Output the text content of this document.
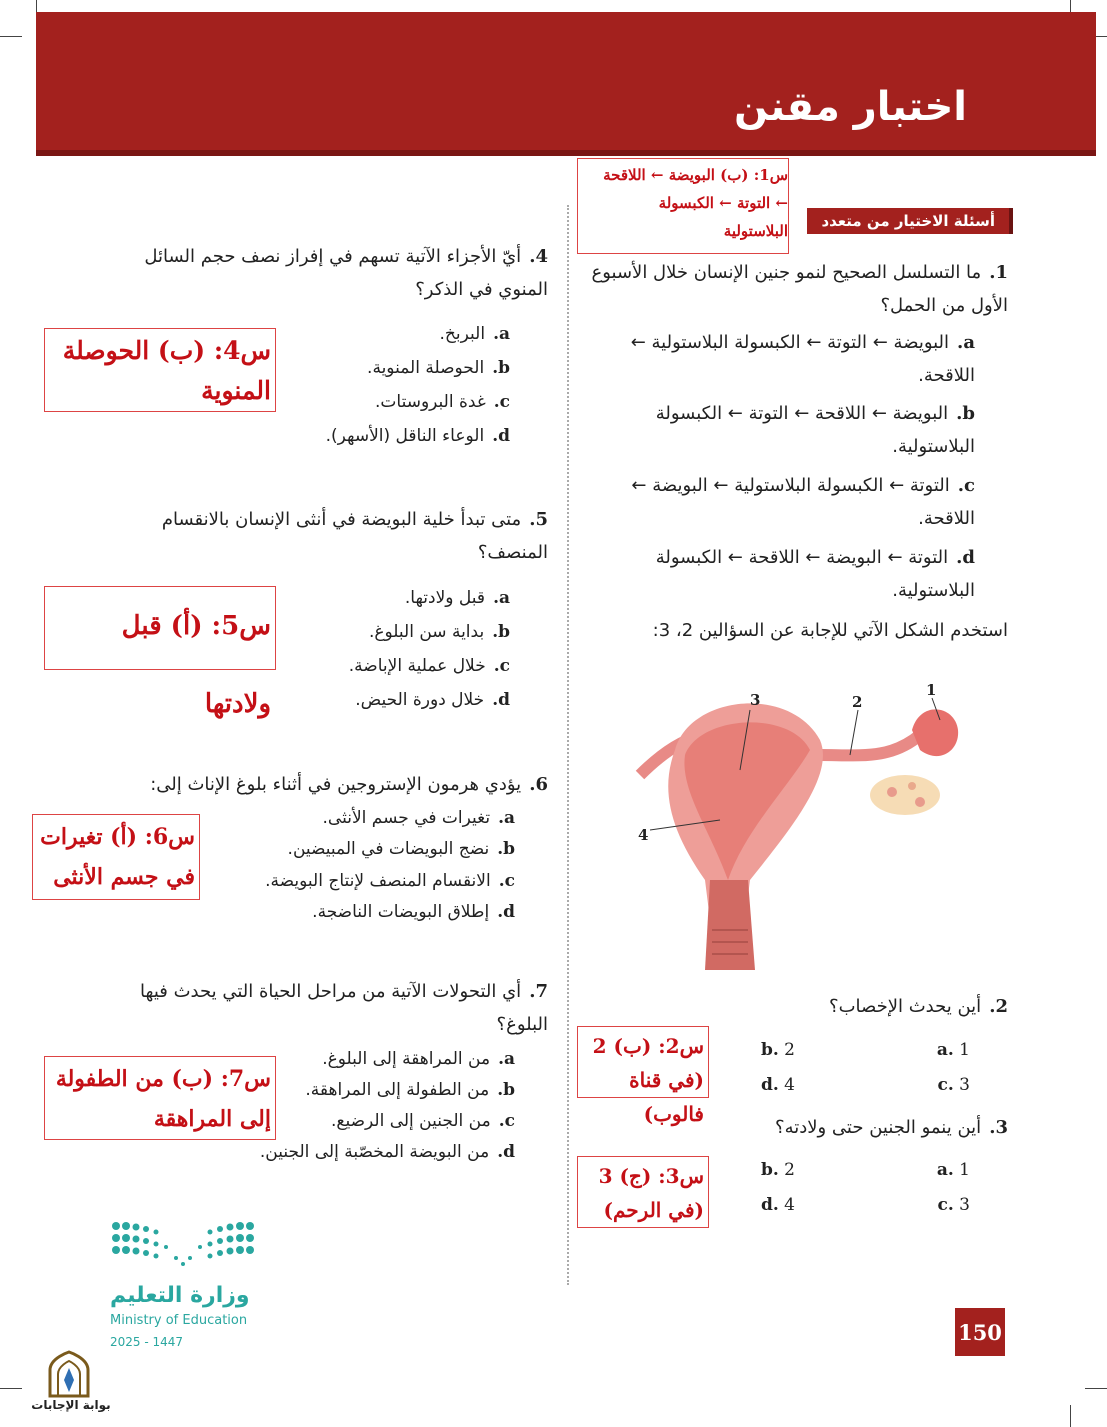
اختبار مقنن
أسئلة الاختيار من متعدد
س1: (ب) البويضة ← اللاقحة
← التوتة ← الكبسولة
البلاستولية
1.ما التسلسل الصحيح لنمو جنين الإنسان خلال الأسبوع الأول من الحمل؟
a.البويضة ← التوتة ← الكبسولة البلاستولية ← اللاقحة.
b.البويضة ← اللاقحة ← التوتة ← الكبسولة البلاستولية.
c.التوتة ← الكبسولة البلاستولية ← البويضة ← اللاقحة.
d.التوتة ← البويضة ← اللاقحة ← الكبسولة البلاستولية.
استخدم الشكل الآتي للإجابة عن السؤالين 2، 3:
1
2
3
4
2.أين يحدث الإخصاب؟
a. 1
b. 2
c. 3
d. 4
3.أين ينمو الجنين حتى ولادته؟
a. 1
b. 2
c. 3
d. 4
س2: (ب) 2
(في قناة فالوب)
س3: (ج) 3
(في الرحم)
4.أيّ الأجزاء الآتية تسهم في إفراز نصف حجم السائل المنوي في الذكر؟
a.البربخ.
b.الحوصلة المنوية.
c.غدة البروستات.
d.الوعاء الناقل (الأسهر).
س4: (ب) الحوصلة
المنوية
5.متى تبدأ خلية البويضة في أنثى الإنسان بالانقسام المنصف؟
a.قبل ولادتها.
b.بداية سن البلوغ.
c.خلال عملية الإباضة.
d.خلال دورة الحيض.
س5: (أ) قبل ولادتها
6.يؤدي هرمون الإستروجين في أثناء بلوغ الإناث إلى:
a.تغيرات في جسم الأنثى.
b.نضج البويضات في المبيضين.
c.الانقسام المنصف لإنتاج البويضة.
d.إطلاق البويضات الناضجة.
س6: (أ) تغيرات
في جسم الأنثى
7.أي التحولات الآتية من مراحل الحياة التي يحدث فيها البلوغ؟
a.من المراهقة إلى البلوغ.
b.من الطفولة إلى المراهقة.
c.من الجنين إلى الرضيع.
d.من البويضة المخصّبة إلى الجنين.
س7: (ب) من الطفولة
إلى المراهقة
وزارة التعليم
Ministry of Education
2025 - 1447	150
بوابة الإجابات
